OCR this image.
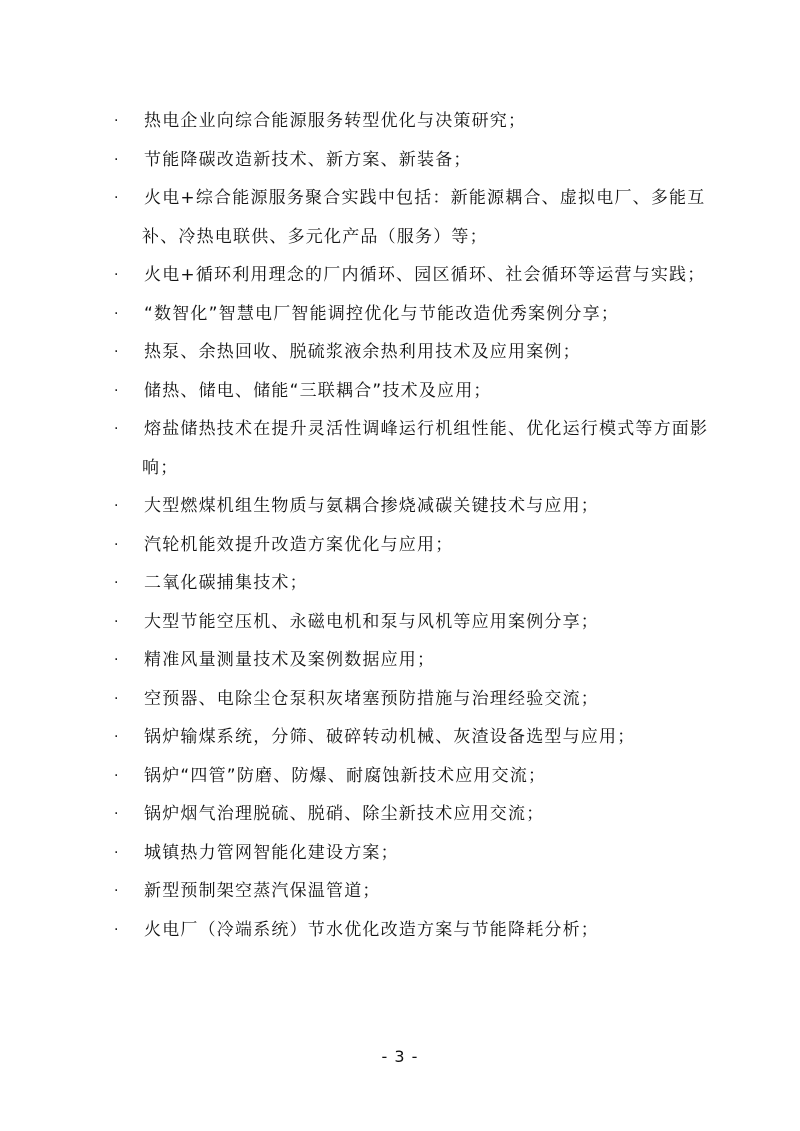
· 热电企业向综合能源服务转型优化与决策研究；
· 节能降碳改造新技术、新方案、新装备；
· 火电+综合能源服务聚合实践中包括：新能源耦合、虚拟电厂、多能互
补、冷热电联供、多元化产品（服务）等；
· 火电+循环利用理念的厂内循环、园区循环、社会循环等运营与实践；
· “数智化”智慧电厂智能调控优化与节能改造优秀案例分享；
· 热泵、余热回收、脱硫浆液余热利用技术及应用案例；
· 储热、储电、储能“三联耦合”技术及应用；
· 熔盐储热技术在提升灵活性调峰运行机组性能、优化运行模式等方面影
响；
· 大型燃煤机组生物质与氨耦合掺烧减碳关键技术与应用；
· 汽轮机能效提升改造方案优化与应用；
· 二氧化碳捕集技术；
· 大型节能空压机、永磁电机和泵与风机等应用案例分享；
· 精准风量测量技术及案例数据应用；
· 空预器、电除尘仓泵积灰堵塞预防措施与治理经验交流；
· 锅炉输煤系统，分筛、破碎转动机械、灰渣设备选型与应用；
· 锅炉“四管”防磨、防爆、耐腐蚀新技术应用交流；
· 锅炉烟气治理脱硫、脱硝、除尘新技术应用交流；
· 城镇热力管网智能化建设方案；
· 新型预制架空蒸汽保温管道；
· 火电厂（冷端系统）节水优化改造方案与节能降耗分析；
- 3 -
